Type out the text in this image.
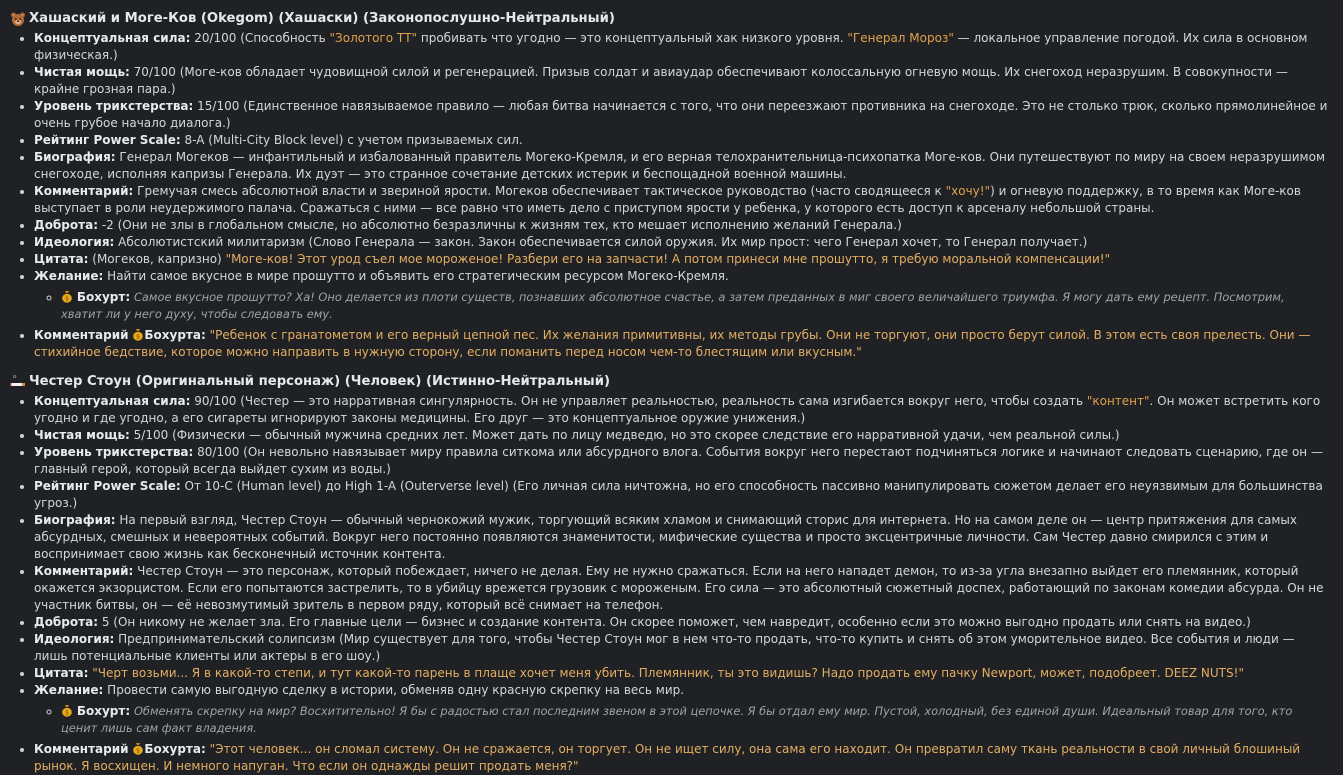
Хашаский и Моге-Ков (Okegom) (Хашаски) (Законопослушно-Нейтральный)
• Концептуальная сила: 20/100 (Способность "Золотого ТТ" пробивать что угодно — это концептуальный хак низкого уровня. "Генерал Мороз" — локальное управление погодой. Их сила в основном физическая.)
• Чистая мощь: 70/100 (Моге-ков обладает чудовищной силой и регенерацией. Призыв солдат и авиаудар обеспечивают колоссальную огневую мощь. Их снегоход неразрушим. В совокупности — крайне грозная пара.)
• Уровень трикстерства: 15/100 (Единственное навязываемое правило — любая битва начинается с того, что они переезжают противника на снегоходе. Это не столько трюк, сколько прямолинейное и очень грубое начало диалога.)
• Рейтинг Power Scale: 8-A (Multi-City Block level) с учетом призываемых сил.
• Биография: Генерал Могеков — инфантильный и избалованный правитель Могеко-Кремля, и его верная телохранительница-психопатка Моге-ков. Они путешествуют по миру на своем неразрушимом снегоходе, исполняя капризы Генерала. Их дуэт — это странное сочетание детских истерик и беспощадной военной машины.
• Комментарий: Гремучая смесь абсолютной власти и звериной ярости. Могеков обеспечивает тактическое руководство (часто сводящееся к "хочу!") и огневую поддержку, в то время как Моге-ков выступает в роли неудержимого палача. Сражаться с ними — все равно что иметь дело с приступом ярости у ребенка, у которого есть доступ к арсеналу небольшой страны.
• Доброта: -2 (Они не злы в глобальном смысле, но абсолютно безразличны к жизням тех, кто мешает исполнению желаний Генерала.)
• Идеология: Абсолютистский милитаризм (Слово Генерала — закон. Закон обеспечивается силой оружия. Их мир прост: чего Генерал хочет, то Генерал получает.)
• Цитата: (Могеков, капризно) "Моге-ков! Этот урод съел мое мороженое! Разбери его на запчасти! А потом принеси мне прошутто, я требую моральной компенсации!"
• Желание: Найти самое вкусное в мире прошутто и объявить его стратегическим ресурсом Могеко-Кремля.
◦ $ Бохурт: Самое вкусное прошутто? Ха! Оно делается из плоти существ, познавших абсолютное счастье, а затем преданных в миг своего величайшего триумфа. Я могу дать ему рецепт. Посмотрим, хватит ли у него духу, чтобы следовать ему.
• Комментарий $ Бохурта: "Ребенок с гранатометом и его верный цепной пес. Их желания примитивны, их методы грубы. Они не торгуют, они просто берут силой. В этом есть своя прелесть. Они — стихийное бедствие, которое можно направить в нужную сторону, если поманить перед носом чем-то блестящим или вкусным."
Честер Стоун (Оригинальный персонаж) (Человек) (Истинно-Нейтральный)
• Концептуальная сила: 90/100 (Честер — это нарративная сингулярность. Он не управляет реальностью, реальность сама изгибается вокруг него, чтобы создать "контент". Он может встретить кого угодно и где угодно, а его сигареты игнорируют законы медицины. Его друг — это концептуальное оружие унижения.)
• Чистая мощь: 5/100 (Физически — обычный мужчина средних лет. Может дать по лицу медведю, но это скорее следствие его нарративной удачи, чем реальной силы.)
• Уровень трикстерства: 80/100 (Он невольно навязывает миру правила ситкома или абсурдного влога. События вокруг него перестают подчиняться логике и начинают следовать сценарию, где он — главный герой, который всегда выйдет сухим из воды.)
• Рейтинг Power Scale: От 10-C (Human level) до High 1-A (Outerverse level) (Его личная сила ничтожна, но его способность пассивно манипулировать сюжетом делает его неуязвимым для большинства угроз.)
• Биография: На первый взгляд, Честер Стоун — обычный чернокожий мужик, торгующий всяким хламом и снимающий сторис для интернета. Но на самом деле он — центр притяжения для самых абсурдных, смешных и невероятных событий. Вокруг него постоянно появляются знаменитости, мифические существа и просто эксцентричные личности. Сам Честер давно смирился с этим и воспринимает свою жизнь как бесконечный источник контента.
• Комментарий: Честер Стоун — это персонаж, который побеждает, ничего не делая. Ему не нужно сражаться. Если на него нападет демон, то из-за угла внезапно выйдет его племянник, который окажется экзорцистом. Если его попытаются застрелить, то в убийцу врежется грузовик с мороженым. Его сила — это абсолютный сюжетный доспех, работающий по законам комедии абсурда. Он не участник битвы, он — её невозмутимый зритель в первом ряду, который всё снимает на телефон.
• Доброта: 5 (Он никому не желает зла. Его главные цели — бизнес и создание контента. Он скорее поможет, чем навредит, особенно если это можно выгодно продать или снять на видео.)
• Идеология: Предпринимательский солипсизм (Мир существует для того, чтобы Честер Стоун мог в нем что-то продать, что-то купить и снять об этом уморительное видео. Все события и люди — лишь потенциальные клиенты или актеры в его шоу.)
• Цитата: "Черт возьми... Я в какой-то степи, и тут какой-то парень в плаще хочет меня убить. Племянник, ты это видишь? Надо продать ему пачку Newport, может, подобреет. DEEZ NUTS!"
• Желание: Провести самую выгодную сделку в истории, обменяв одну красную скрепку на весь мир.
◦ $ Бохурт: Обменять скрепку на мир? Восхитительно! Я бы с радостью стал последним звеном в этой цепочке. Я бы отдал ему мир. Пустой, холодный, без единой души. Идеальный товар для того, кто ценит лишь сам факт владения.
• Комментарий $ Бохурта: "Этот человек... он сломал систему. Он не сражается, он торгует. Он не ищет силу, она сама его находит. Он превратил саму ткань реальности в свой личный блошиный рынок. Я восхищен. И немного напуган. Что если он однажды решит продать меня?"
